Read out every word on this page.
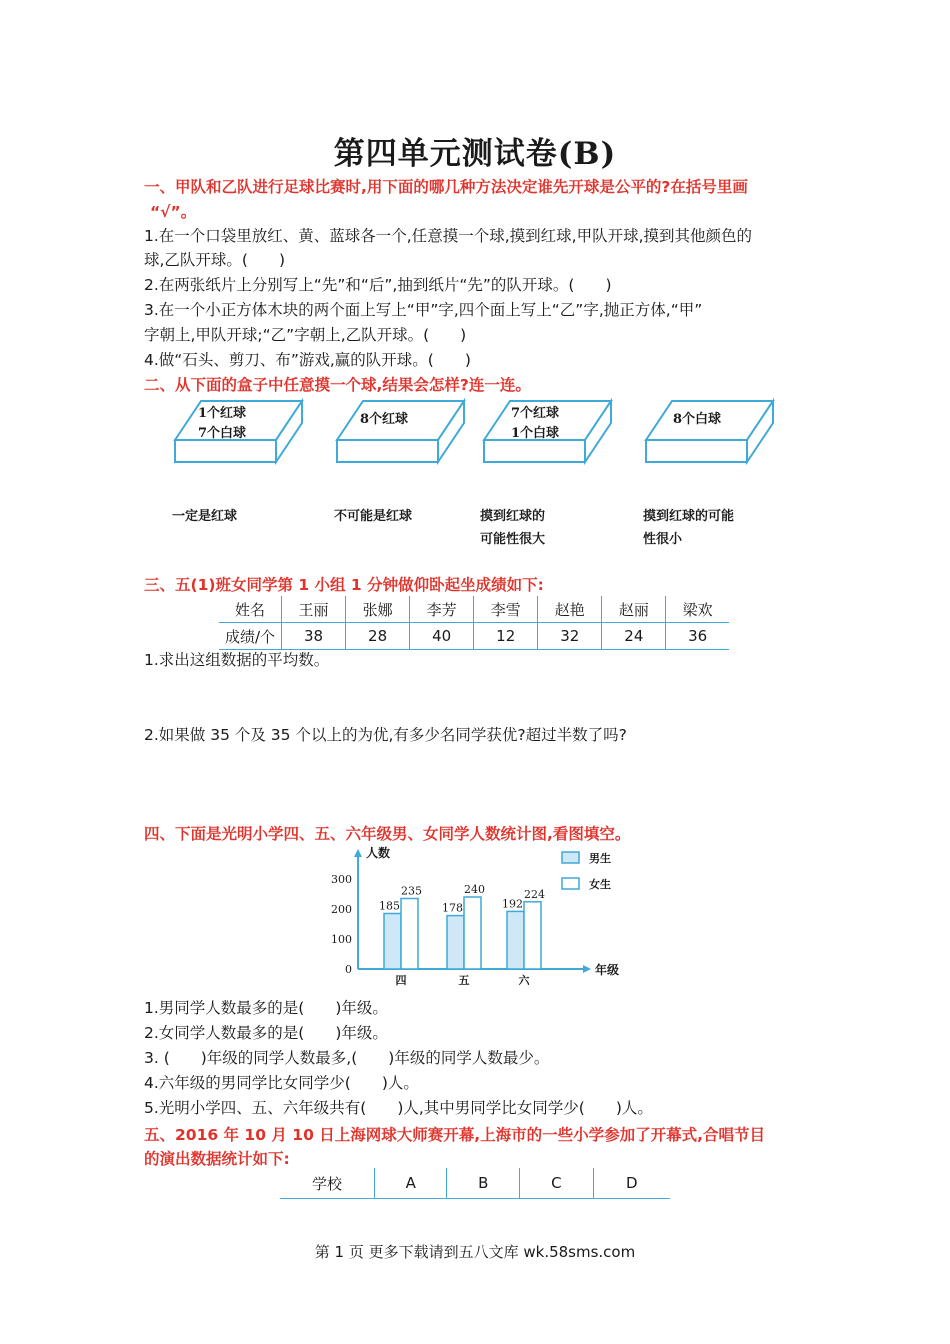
第四单元测试卷(B)
一、甲队和乙队进行足球比赛时,用下面的哪几种方法决定谁先开球是公平的?在括号里画
“√”。
1.在一个口袋里放红、黄、蓝球各一个,任意摸一个球,摸到红球,甲队开球,摸到其他颜色的
球,乙队开球。(　　)
2.在两张纸片上分别写上“先”和“后”,抽到纸片“先”的队开球。(　　)
3.在一个小正方体木块的两个面上写上“甲”字,四个面上写上“乙”字,抛正方体,“甲”
字朝上,甲队开球;“乙”字朝上,乙队开球。(　　)
4.做“石头、剪刀、布”游戏,赢的队开球。(　　)
二、从下面的盒子中任意摸一个球,结果会怎样?连一连。
1个红球
7个白球
8个红球	7个红球
1个白球
8个白球
一定是红球	不可能是红球	摸到红球的
可能性很大
摸到红球的可能
性很小
三、五(1)班女同学第 1 小组 1 分钟做仰卧起坐成绩如下:
姓名	王丽	张娜	李芳	李雪	赵艳	赵丽	梁欢
成绩/个	38	28	40	12	32	24	36
1.求出这组数据的平均数。
2.如果做 35 个及 35 个以上的为优,有多少名同学获优?超过半数了吗?
四、下面是光明小学四、五、六年级男、女同学人数统计图,看图填空。
人数
年级
300
200
100
0
185
235
四
178
240
五
192
224
六
男生
女生
1.男同学人数最多的是(　　)年级。
2.女同学人数最多的是(　　)年级。
3. (　　)年级的同学人数最多,(　　)年级的同学人数最少。
4.六年级的男同学比女同学少(　　)人。
5.光明小学四、五、六年级共有(　　)人,其中男同学比女同学少(　　)人。
五、2016 年 10 月 10 日上海网球大师赛开幕,上海市的一些小学参加了开幕式,合唱节目
的演出数据统计如下:
学校	A	B	C	D
第 1 页 更多下载请到五八文库 wk.58sms.com
